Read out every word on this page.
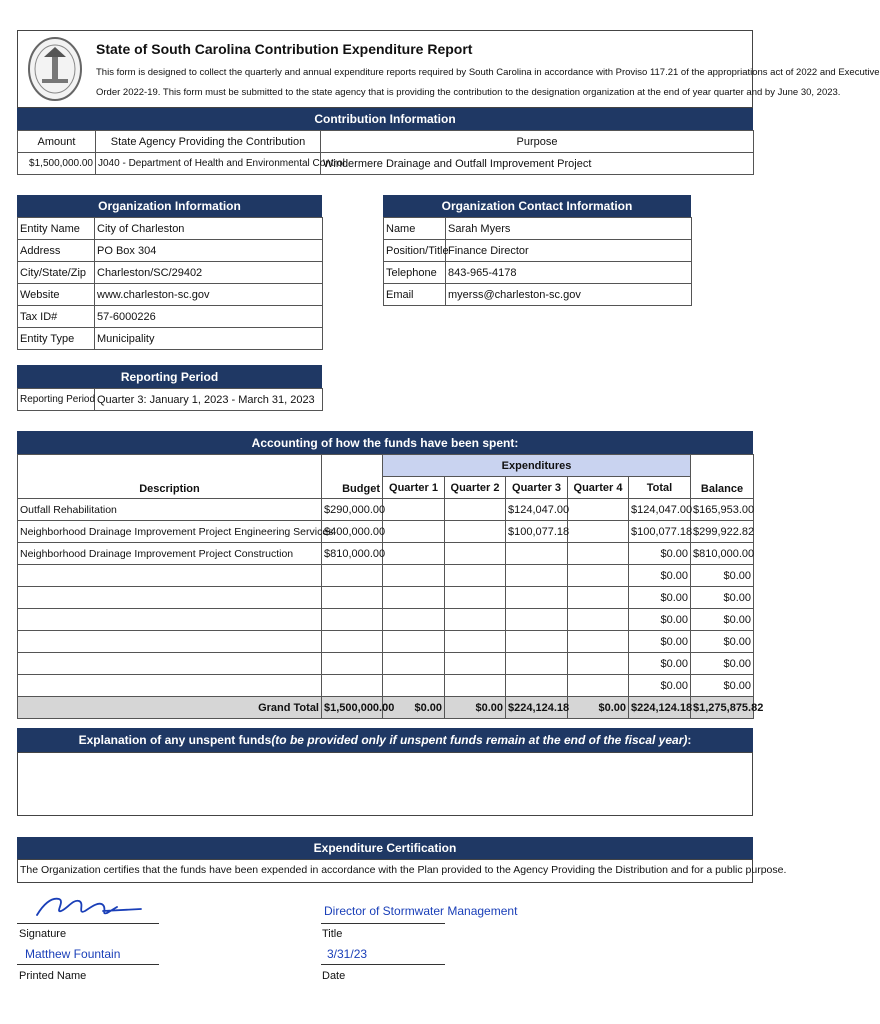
State of South Carolina Contribution Expenditure Report
This form is designed to collect the quarterly and annual expenditure reports required by South Carolina in accordance with Proviso 117.21 of the appropriations act of 2022 and Executive
Order 2022-19. This form must be submitted to the state agency that is providing the contribution to the designation organization at the end of year quarter and by June 30, 2023.
Contribution Information
Amount	State Agency Providing the Contribution	Purpose
$1,500,000.00	J040 - Department of Health and Environmental Control	Windermere Drainage and Outfall Improvement Project
Organization Information
Entity Name	City of Charleston
Address	PO Box 304
City/State/Zip	Charleston/SC/29402
Website	www.charleston-sc.gov
Tax ID#	57-6000226
Entity Type	Municipality
Organization Contact Information
Name	Sarah Myers
Position/Title	Finance Director
Telephone	843-965-4178
Email	myerss@charleston-sc.gov
Reporting Period
Reporting Period	Quarter 3: January 1, 2023 - March 31, 2023
Accounting of how the funds have been spent:
Description	Budget	Expenditures					Balance
		Quarter 1	Quarter 2	Quarter 3	Quarter 4	Total	
Outfall Rehabilitation	$290,000.00			$124,047.00		$124,047.00	$165,953.00
Neighborhood Drainage Improvement Project Engineering Services	$400,000.00			$100,077.18		$100,077.18	$299,922.82
Neighborhood Drainage Improvement Project Construction	$810,000.00					$0.00	$810,000.00
						$0.00	$0.00
						$0.00	$0.00
						$0.00	$0.00
						$0.00	$0.00
						$0.00	$0.00
						$0.00	$0.00
Grand Total	$1,500,000.00	$0.00	$0.00	$224,124.18	$0.00	$224,124.18	$1,275,875.82
Explanation of any unspent funds (to be provided only if unspent funds remain at the end of the fiscal year) :
Expenditure Certification
The Organization certifies that the funds have been expended in accordance with the Plan provided to the Agency Providing the Distribution and for a public purpose.
Signature
Matthew Fountain
Printed Name
Director of Stormwater Management
Title
3/31/23
Date
